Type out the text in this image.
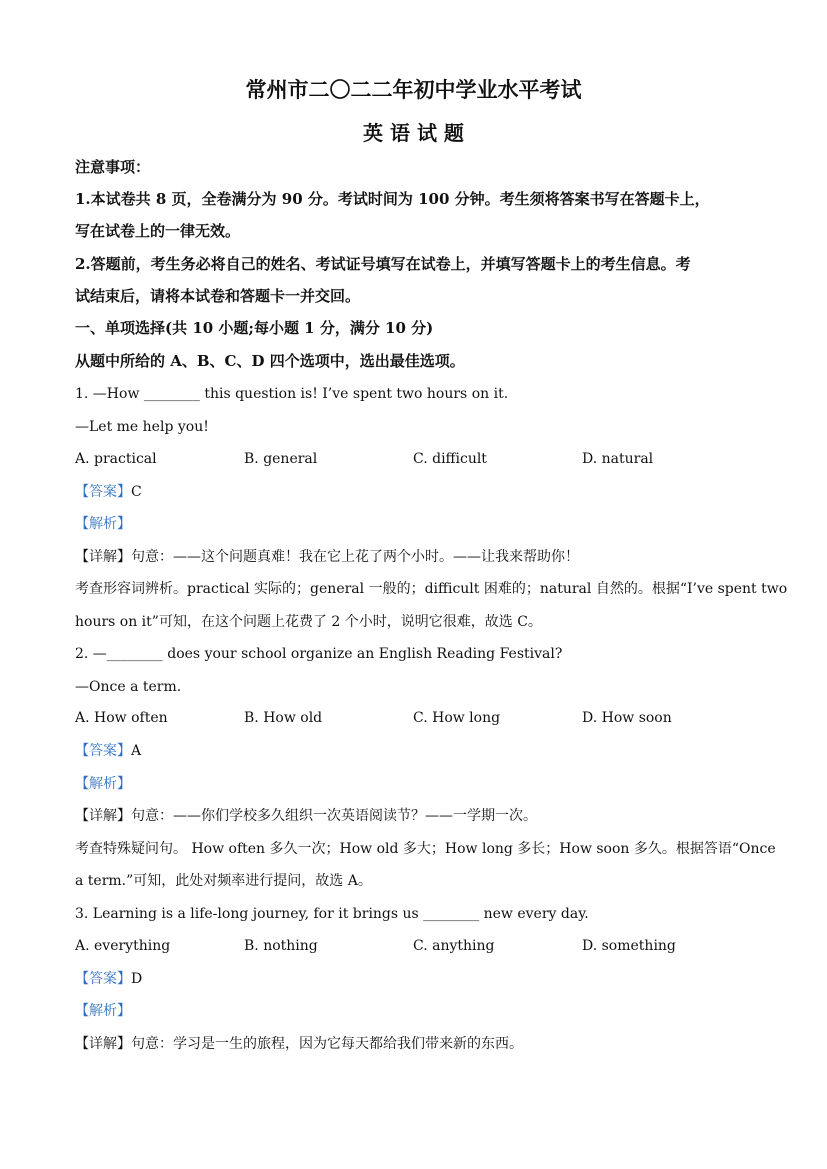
常州市二〇二二年初中学业水平考试
英 语 试 题
注意事项：
1.本试卷共 8 页，全卷满分为 90 分。考试时间为 100 分钟。考生须将答案书写在答题卡上，
写在试卷上的一律无效。
2.答题前，考生务必将自己的姓名、考试证号填写在试卷上，并填写答题卡上的考生信息。考
试结束后，请将本试卷和答题卡一并交回。
一、单项选择(共 10 小题;每小题 1 分，满分 10 分)
从题中所给的 A、B、C、D 四个选项中，选出最佳选项。
1. —How ________ this question is! I’ve spent two hours on it.
—Let me help you!
A. practical	B. general	C. difficult	D. natural
【答案】C
【解析】
【详解】句意：——这个问题真难！我在它上花了两个小时。——让我来帮助你！
考查形容词辨析。practical 实际的；general 一般的；difficult 困难的；natural 自然的。根据“I’ve spent two
hours on it”可知，在这个问题上花费了 2 个小时，说明它很难，故选 C。
2. —________ does your school organize an English Reading Festival?
—Once a term.
A. How often	B. How old	C. How long	D. How soon
【答案】A
【解析】
【详解】句意：——你们学校多久组织一次英语阅读节？——一学期一次。
考查特殊疑问句。 How often 多久一次；How old 多大；How long 多长；How soon 多久。根据答语“Once
a term.”可知，此处对频率进行提问，故选 A。
3. Learning is a life-long journey, for it brings us ________ new every day.
A. everything	B. nothing	C. anything	D. something
【答案】D
【解析】
【详解】句意：学习是一生的旅程，因为它每天都给我们带来新的东西。
